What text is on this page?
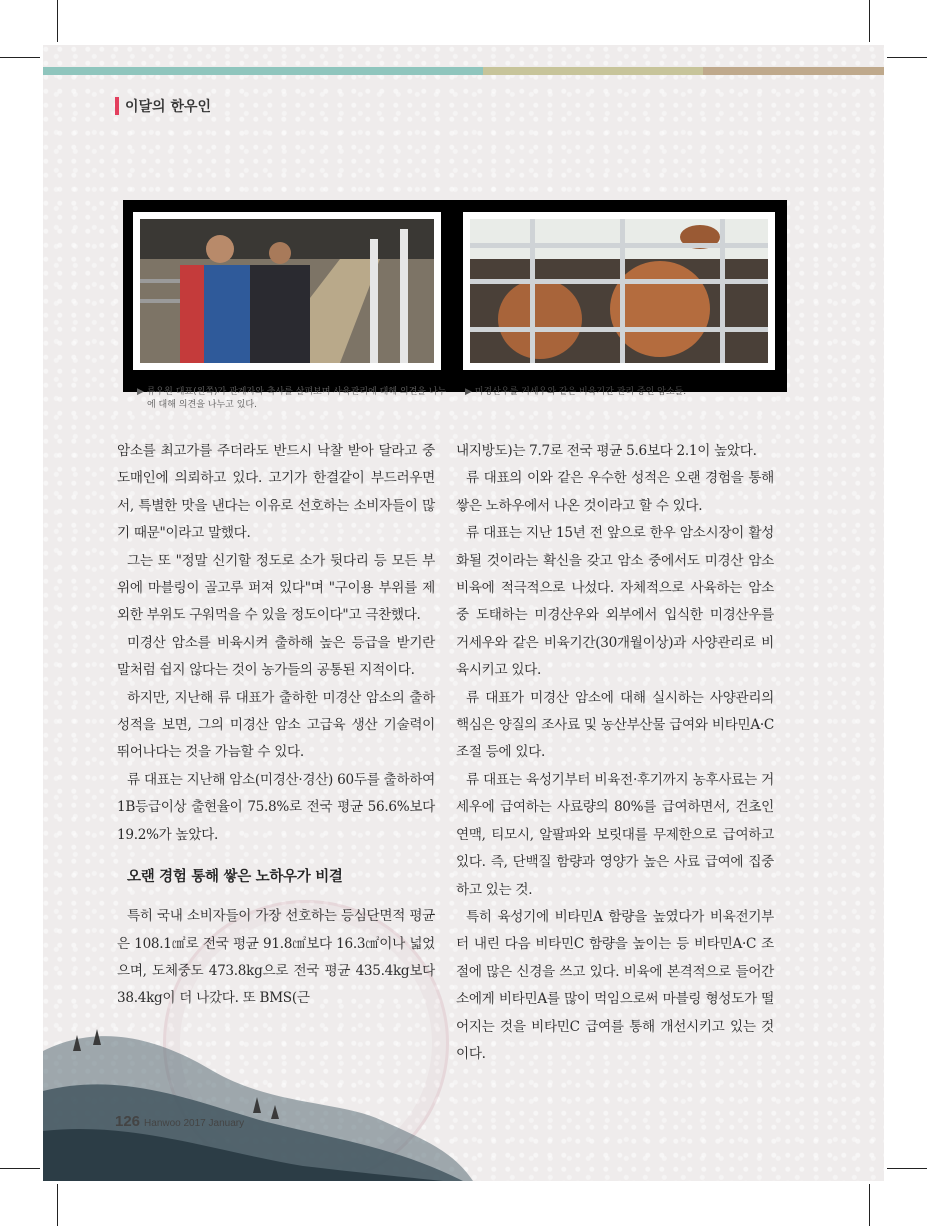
이달의 한우인
▶ 류우원 대표(왼쪽)가 관계자와 축사를 살펴보며 사육관리에 대해 의견을 나누
에 대해 의견을 나누고 있다.
▶ 미경산우를 거세우와 같은 비육기간 관리 중인 암소들.

암소를 최고가를 주더라도 반드시 낙찰 받아 달라고 중도매인에 의뢰하고 있다. 고기가 한결같이 부드러우면서, 특별한 맛을 낸다는 이유로 선호하는 소비자들이 많기 때문"이라고 말했다.

그는 또 "정말 신기할 정도로 소가 뒷다리 등 모든 부위에 마블링이 골고루 퍼져 있다"며 "구이용 부위를 제외한 부위도 구워먹을 수 있을 정도이다"고 극찬했다.

미경산 암소를 비육시켜 출하해 높은 등급을 받기란 말처럼 쉽지 않다는 것이 농가들의 공통된 지적이다.

하지만, 지난해 류 대표가 출하한 미경산 암소의 출하성적을 보면, 그의 미경산 암소 고급육 생산 기술력이 뛰어나다는 것을 가늠할 수 있다.

류 대표는 지난해 암소(미경산·경산) 60두를 출하하여 1B등급이상 출현율이 75.8%로 전국 평균 56.6%보다 19.2%가 높았다.

오랜 경험 통해 쌓은 노하우가 비결

특히 국내 소비자들이 가장 선호하는 등심단면적 평균은 108.1㎠로 전국 평균 91.8㎠보다 16.3㎠이나 넓었으며, 도체중도 473.8kg으로 전국 평균 435.4kg보다 38.4kg이 더 나갔다. 또 BMS(근

내지방도)는 7.7로 전국 평균 5.6보다 2.1이 높았다.

류 대표의 이와 같은 우수한 성적은 오랜 경험을 통해 쌓은 노하우에서 나온 것이라고 할 수 있다.

류 대표는 지난 15년 전 앞으로 한우 암소시장이 활성화될 것이라는 확신을 갖고 암소 중에서도 미경산 암소 비육에 적극적으로 나섰다. 자체적으로 사육하는 암소 중 도태하는 미경산우와 외부에서 입식한 미경산우를 거세우와 같은 비육기간(30개월이상)과 사양관리로 비육시키고 있다.

류 대표가 미경산 암소에 대해 실시하는 사양관리의 핵심은 양질의 조사료 및 농산부산물 급여와 비타민A·C 조절 등에 있다.

류 대표는 육성기부터 비육전·후기까지 농후사료는 거세우에 급여하는 사료량의 80%를 급여하면서, 건초인 연맥, 티모시, 알팔파와 보릿대를 무제한으로 급여하고 있다. 즉, 단백질 함량과 영양가 높은 사료 급여에 집중하고 있는 것.

특히 육성기에 비타민A 함량을 높였다가 비육전기부터 내린 다음 비타민C 함량을 높이는 등 비타민A·C 조절에 많은 신경을 쓰고 있다. 비육에 본격적으로 들어간 소에게 비타민A를 많이 먹임으로써 마블링 형성도가 떨어지는 것을 비타민C 급여를 통해 개선시키고 있는 것이다.

126 Hanwoo 2017 January
